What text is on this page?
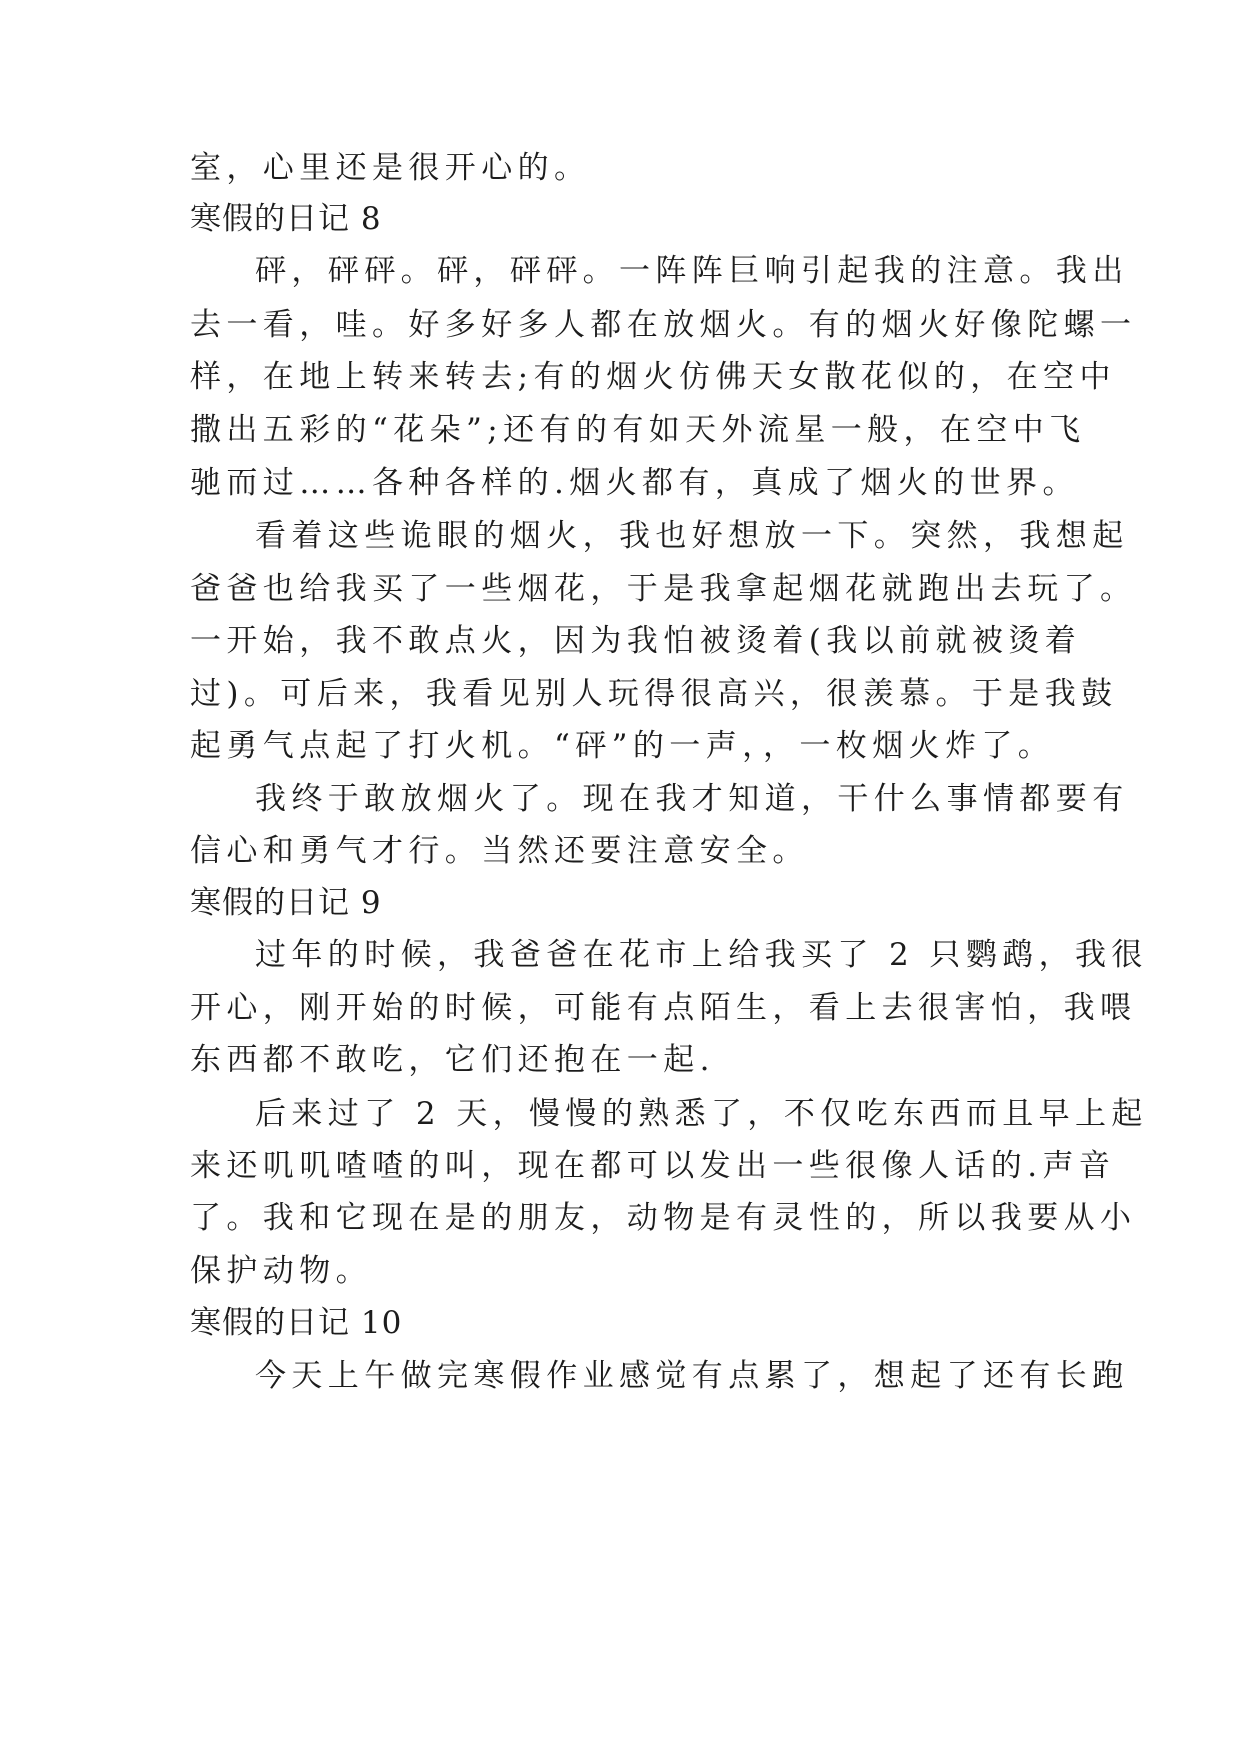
室，心里还是很开心的。
寒假的日记 8
砰，砰砰。砰，砰砰。一阵阵巨响引起我的注意。我出
去一看，哇。好多好多人都在放烟火。有的烟火好像陀螺一
样，在地上转来转去;有的烟火仿佛天女散花似的，在空中
撒出五彩的“花朵”;还有的有如天外流星一般，在空中飞
驰而过……各种各样的.烟火都有，真成了烟火的世界。
看着这些诡眼的烟火，我也好想放一下。突然，我想起
爸爸也给我买了一些烟花，于是我拿起烟花就跑出去玩了。
一开始，我不敢点火，因为我怕被烫着(我以前就被烫着
过)。可后来，我看见别人玩得很高兴，很羡慕。于是我鼓
起勇气点起了打火机。“砰”的一声，，一枚烟火炸了。
我终于敢放烟火了。现在我才知道，干什么事情都要有
信心和勇气才行。当然还要注意安全。
寒假的日记 9
过年的时候，我爸爸在花市上给我买了 2 只鹦鹉，我很
开心，刚开始的时候，可能有点陌生，看上去很害怕，我喂
东西都不敢吃，它们还抱在一起.
后来过了 2 天，慢慢的熟悉了，不仅吃东西而且早上起
来还叽叽喳喳的叫，现在都可以发出一些很像人话的.声音
了。我和它现在是的朋友，动物是有灵性的，所以我要从小
保护动物。
寒假的日记 10
今天上午做完寒假作业感觉有点累了，想起了还有长跑
